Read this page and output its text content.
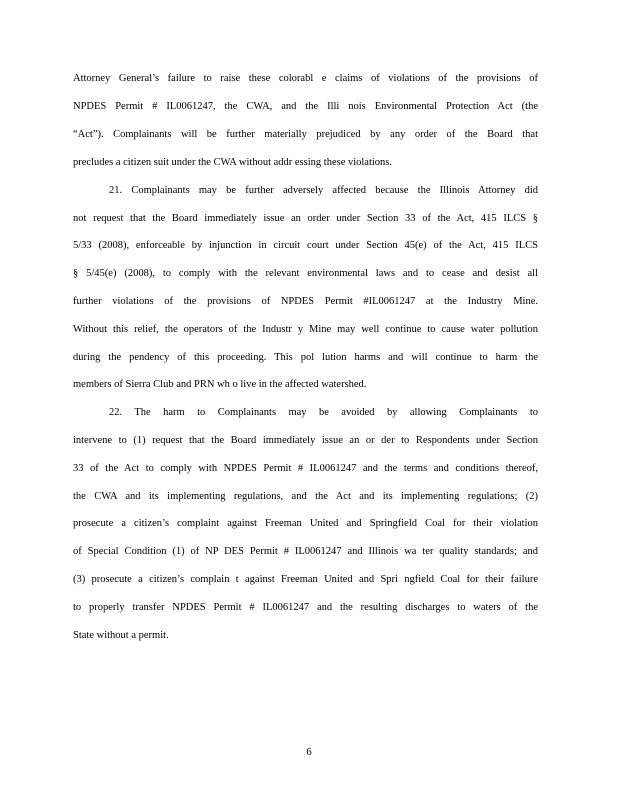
Attorney General’s failure to raise these colorabl e claims of violations of the provisions of
NPDES Permit # IL0061247, the CWA, and the Illi nois Environmental Protection Act (the
“Act”). Complainants will be further materially prejudiced by any order of the Board that
precludes a citizen suit under the CWA without addr essing these violations.
21. Complainants may be further adversely affected because the Illinois Attorney did
not request that the Board immediately issue an order under Section 33 of the Act, 415 ILCS §
5/33 (2008), enforceable by injunction in circuit court under Section 45(e) of the Act, 415 ILCS
§ 5/45(e) (2008), to comply with the relevant environmental laws and to cease and desist all
further violations of the provisions of NPDES Permit #IL0061247 at the Industry Mine.
Without this relief, the operators of the Industr y Mine may well continue to cause water pollution
during the pendency of this proceeding. This pol lution harms and will continue to harm the
members of Sierra Club and PRN wh o live in the affected watershed.
22. The harm to Complainants may be avoided by allowing Complainants to
intervene to (1) request that the Board immediately issue an or der to Respondents under Section
33 of the Act to comply with NPDES Permit # IL0061247 and the terms and conditions thereof,
the CWA and its implementing regulations, and the Act and its implementing regulations; (2)
prosecute a citizen’s complaint against Freeman United and Springfield Coal for their violation
of Special Condition (1) of NP DES Permit # IL0061247 and Illinois wa ter quality standards; and
(3) prosecute a citizen’s complain t against Freeman United and Spri ngfield Coal for their failure
to properly transfer NPDES Permit # IL0061247 and the resulting discharges to waters of the
State without a permit.
6
